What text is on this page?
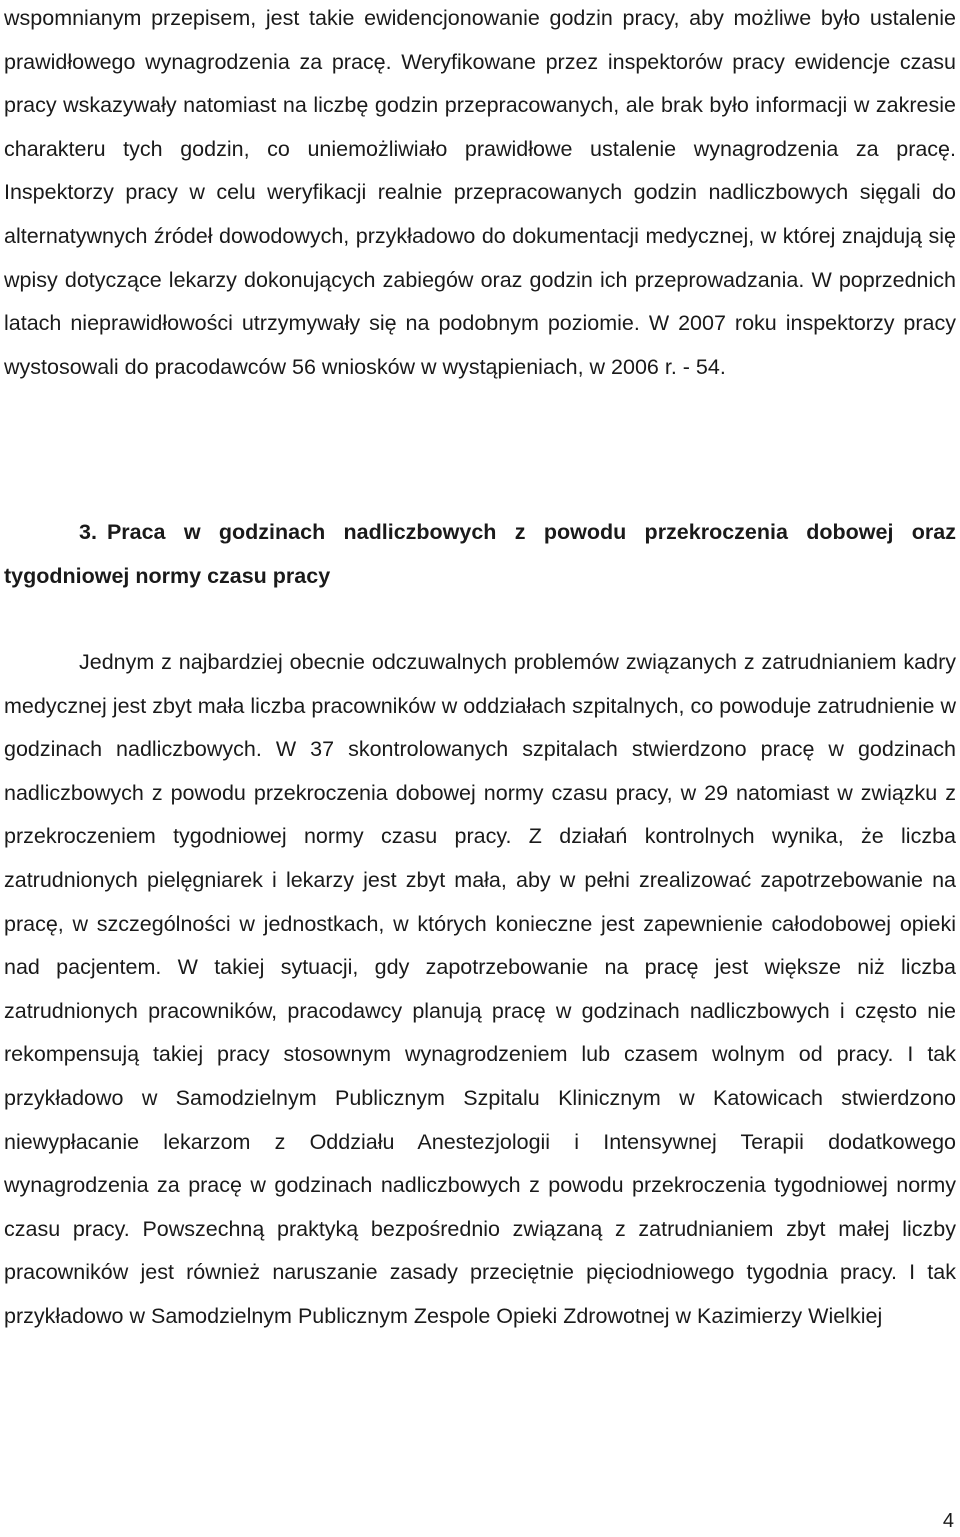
wspomnianym przepisem, jest takie ewidencjonowanie godzin pracy, aby możliwe było ustalenie prawidłowego wynagrodzenia za pracę. Weryfikowane przez inspektorów pracy ewidencje czasu pracy wskazywały natomiast na liczbę godzin przepracowanych, ale brak było informacji w zakresie charakteru tych godzin, co uniemożliwiało prawidłowe ustalenie wynagrodzenia za pracę. Inspektorzy pracy w celu weryfikacji realnie przepracowanych godzin nadliczbowych sięgali do alternatywnych źródeł dowodowych, przykładowo do dokumentacji medycznej, w której znajdują się wpisy dotyczące lekarzy dokonujących zabiegów oraz godzin ich przeprowadzania. W poprzednich latach nieprawidłowości utrzymywały się na podobnym poziomie. W 2007 roku inspektorzy pracy wystosowali do pracodawców 56 wniosków w wystąpieniach, w 2006 r. - 54.

3. Praca w godzinach nadliczbowych z powodu przekroczenia dobowej oraz tygodniowej normy czasu pracy

Jednym z najbardziej obecnie odczuwalnych problemów związanych z zatrudnianiem kadry medycznej jest zbyt mała liczba pracowników w oddziałach szpitalnych, co powoduje zatrudnienie w godzinach nadliczbowych. W 37 skontrolowanych szpitalach stwierdzono pracę w godzinach nadliczbowych z powodu przekroczenia dobowej normy czasu pracy, w 29 natomiast w związku z przekroczeniem tygodniowej normy czasu pracy. Z działań kontrolnych wynika, że liczba zatrudnionych pielęgniarek i lekarzy jest zbyt mała, aby w pełni zrealizować zapotrzebowanie na pracę, w szczególności w jednostkach, w których konieczne jest zapewnienie całodobowej opieki nad pacjentem. W takiej sytuacji, gdy zapotrzebowanie na pracę jest większe niż liczba zatrudnionych pracowników, pracodawcy planują pracę w godzinach nadliczbowych i często nie rekompensują takiej pracy stosownym wynagrodzeniem lub czasem wolnym od pracy. I tak przykładowo w Samodzielnym Publicznym Szpitalu Klinicznym w Katowicach stwierdzono niewypłacanie lekarzom z Oddziału Anestezjologii i Intensywnej Terapii dodatkowego wynagrodzenia za pracę w godzinach nadliczbowych z powodu przekroczenia tygodniowej normy czasu pracy. Powszechną praktyką bezpośrednio związaną z zatrudnianiem zbyt małej liczby pracowników jest również naruszanie zasady przeciętnie pięciodniowego tygodnia pracy. I tak przykładowo w Samodzielnym Publicznym Zespole Opieki Zdrowotnej w Kazimierzy Wielkiej

4
